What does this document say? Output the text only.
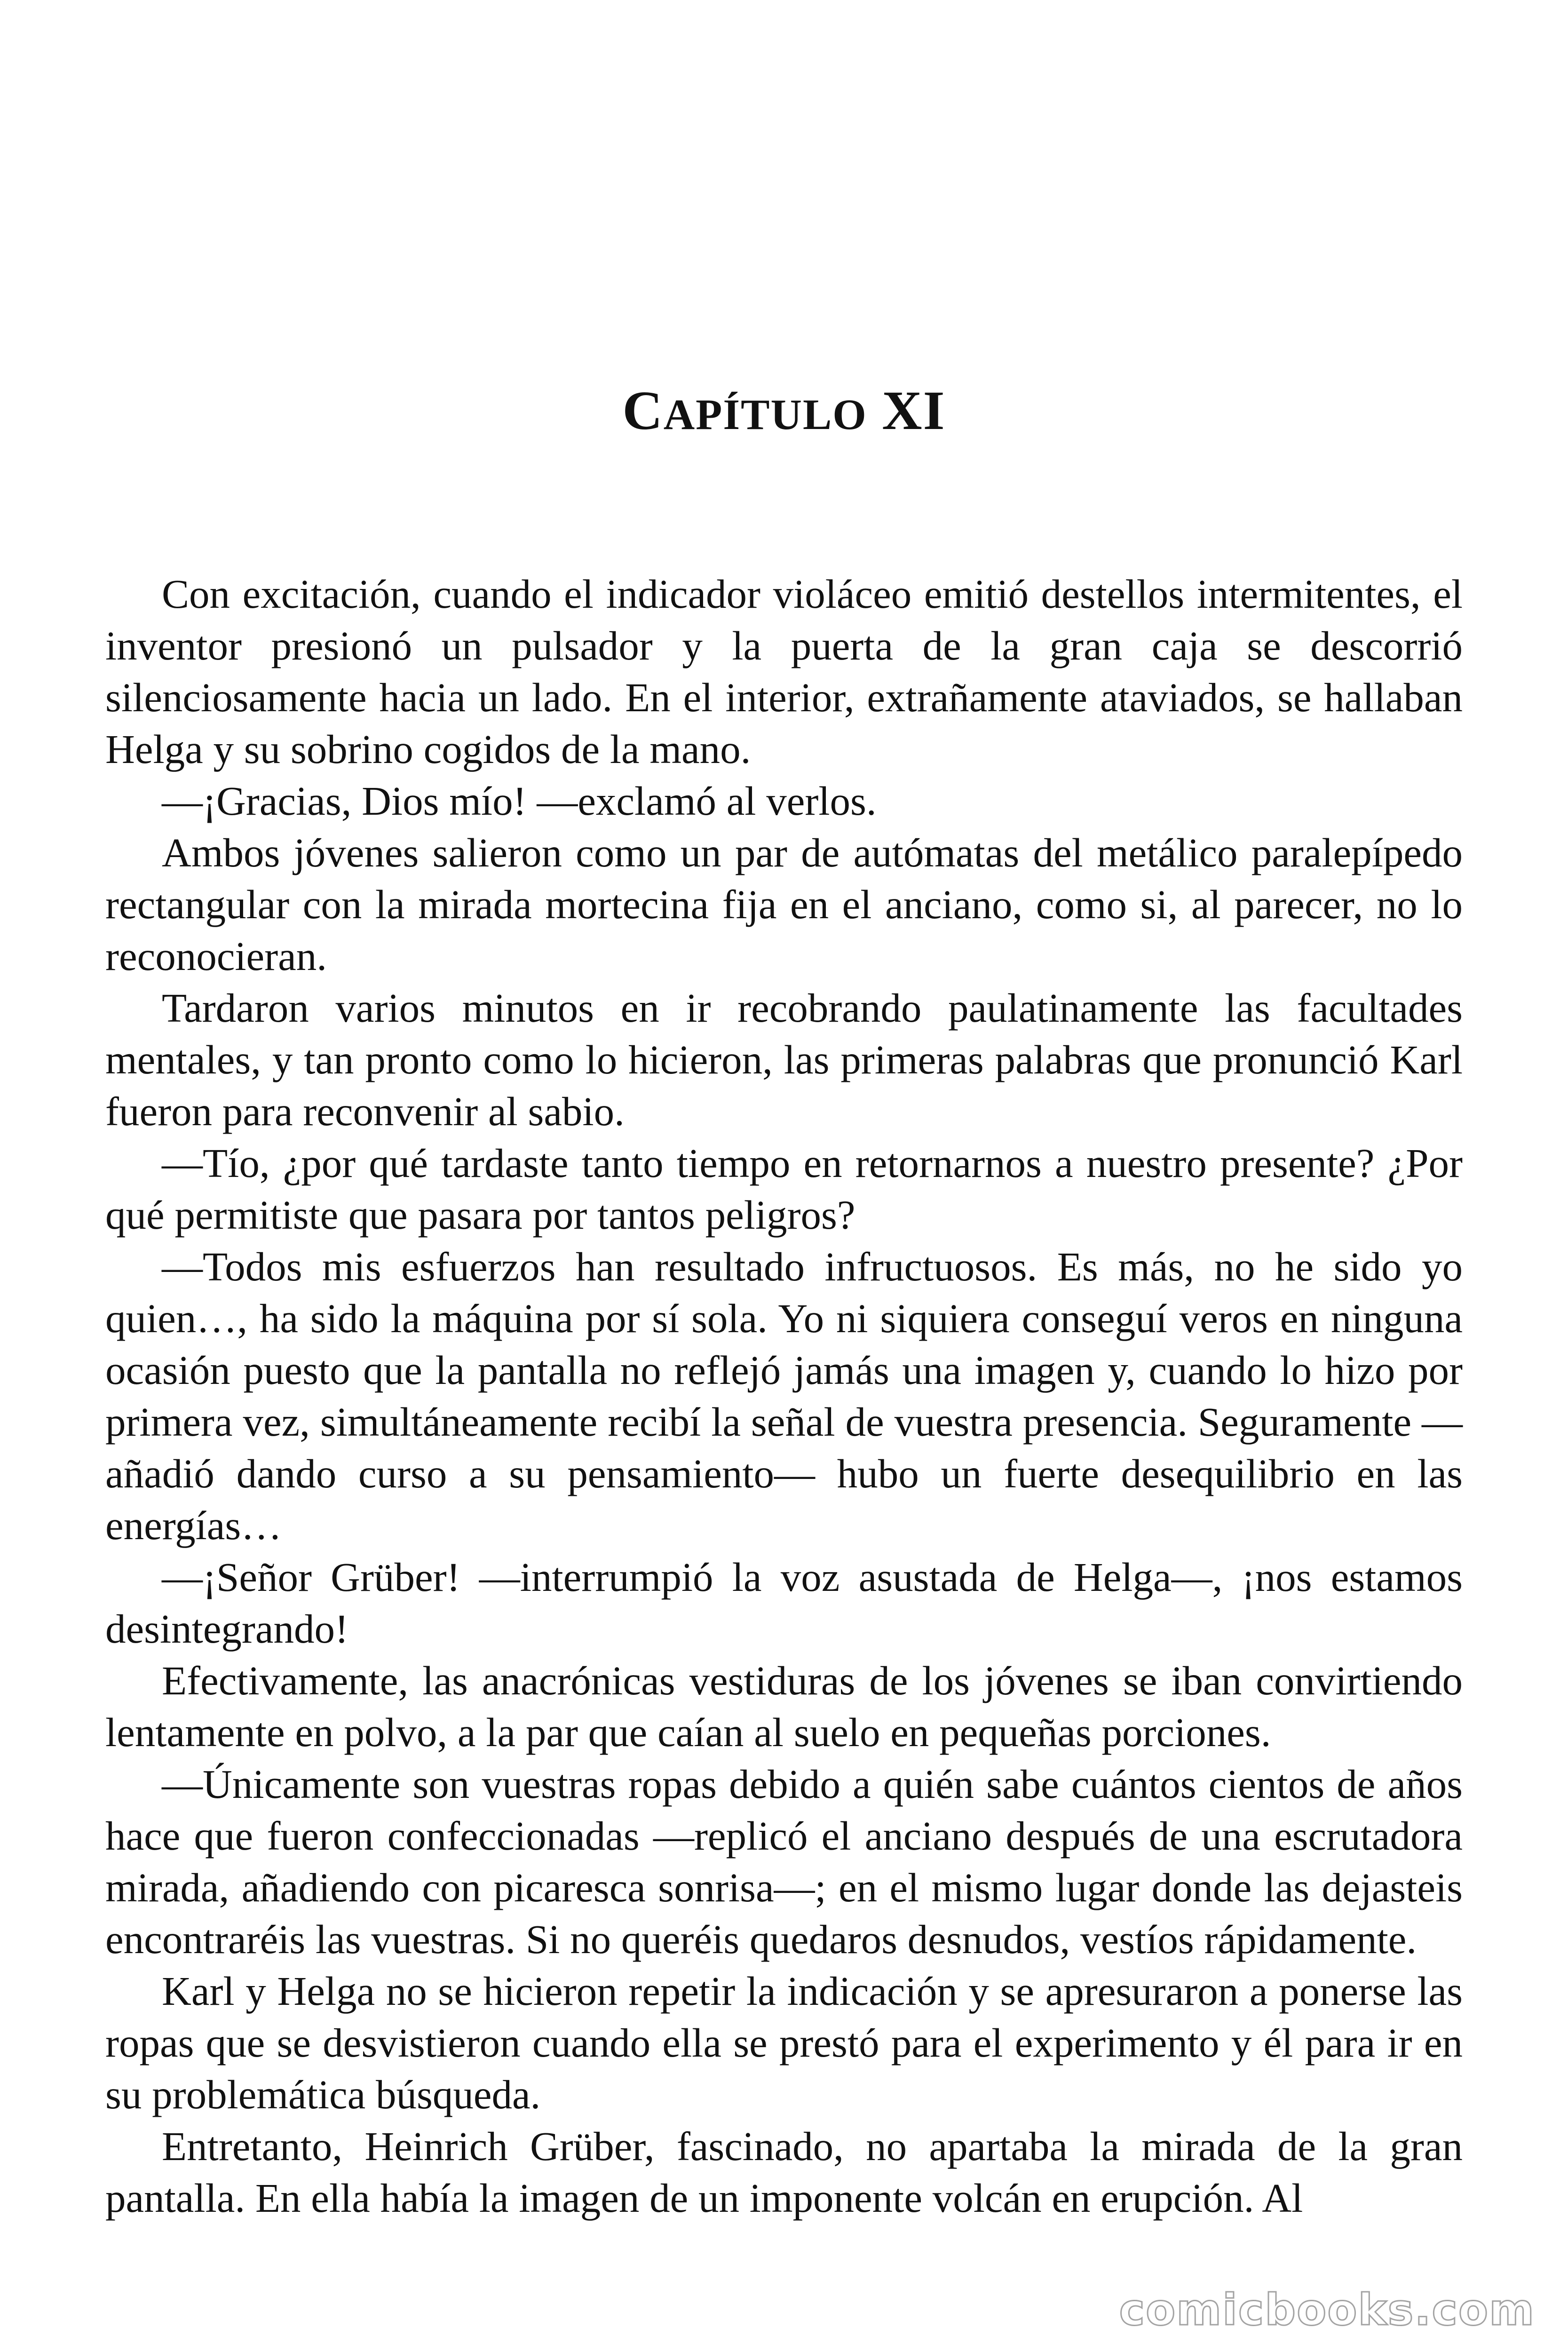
CAPÍTULO XI

Con excitación, cuando el indicador violáceo emitió destellos intermitentes, el inventor presionó un pulsador y la puerta de la gran caja se descorrió silenciosamente hacia un lado. En el interior, extrañamente ataviados, se hallaban Helga y su sobrino cogidos de la mano.

—¡Gracias, Dios mío! —exclamó al verlos.

Ambos jóvenes salieron como un par de autómatas del metálico paralepípedo rectangular con la mirada mortecina fija en el anciano, como si, al parecer, no lo reconocieran.

Tardaron varios minutos en ir recobrando paulatinamente las facultades mentales, y tan pronto como lo hicieron, las primeras palabras que pronunció Karl fueron para reconvenir al sabio.

—Tío, ¿por qué tardaste tanto tiempo en retornarnos a nuestro presente? ¿Por qué permitiste que pasara por tantos peligros?

—Todos mis esfuerzos han resultado infructuosos. Es más, no he sido yo quien…, ha sido la máquina por sí sola. Yo ni siquiera conseguí veros en ninguna ocasión puesto que la pantalla no reflejó jamás una imagen y, cuando lo hizo por primera vez, simultáneamente recibí la señal de vuestra presencia. Seguramente —añadió dando curso a su pensamiento— hubo un fuerte desequilibrio en las energías…

—¡Señor Grüber! —interrumpió la voz asustada de Helga—, ¡nos estamos desintegrando!

Efectivamente, las anacrónicas vestiduras de los jóvenes se iban convirtiendo lentamente en polvo, a la par que caían al suelo en pequeñas porciones.

—Únicamente son vuestras ropas debido a quién sabe cuántos cientos de años hace que fueron confeccionadas —replicó el anciano después de una escrutadora mirada, añadiendo con picaresca sonrisa—; en el mismo lugar donde las dejasteis encontraréis las vuestras. Si no queréis quedaros desnudos, vestíos rápidamente.

Karl y Helga no se hicieron repetir la indicación y se apresuraron a ponerse las ropas que se desvistieron cuando ella se prestó para el experimento y él para ir en su problemática búsqueda.

Entretanto, Heinrich Grüber, fascinado, no apartaba la mirada de la gran pantalla. En ella había la imagen de un imponente volcán en erupción. Al

comicbooks.com
